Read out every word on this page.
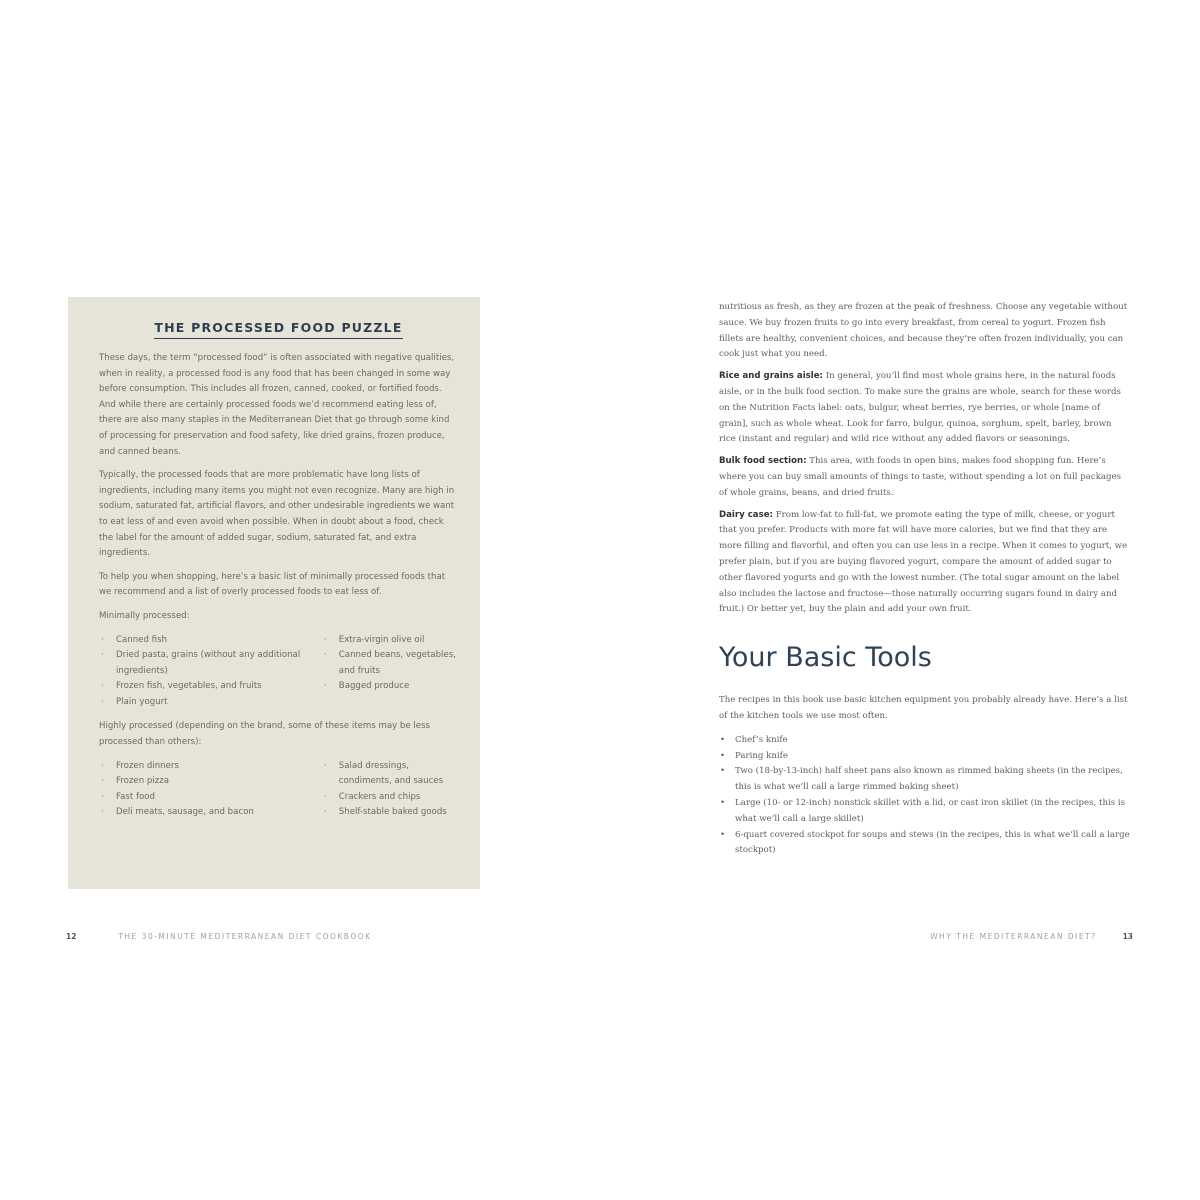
THE PROCESSED FOOD PUZZLE

These days, the term “processed food” is often associated with negative qualities, when in reality, a processed food is any food that has been changed in some way before consumption. This includes all frozen, canned, cooked, or fortified foods. And while there are certainly processed foods we’d recommend eating less of, there are also many staples in the Mediterranean Diet that go through some kind of processing for preservation and food safety, like dried grains, frozen produce, and canned beans.

Typically, the processed foods that are more problematic have long lists of ingredients, including many items you might not even recognize. Many are high in sodium, saturated fat, artificial flavors, and other undesirable ingredients we want to eat less of and even avoid when possible. When in doubt about a food, check the label for the amount of added sugar, sodium, saturated fat, and extra ingredients.

To help you when shopping, here’s a basic list of minimally processed foods that we recommend and a list of overly processed foods to eat less of.

Minimally processed:

· Canned fish
· Dried pasta, grains (without any additional ingredients)
· Frozen fish, vegetables, and fruits
· Plain yogurt
· Extra-virgin olive oil
· Canned beans, vegetables, and fruits
· Bagged produce

Highly processed (depending on the brand, some of these items may be less processed than others):

· Frozen dinners
· Frozen pizza
· Fast food
· Deli meats, sausage, and bacon
· Salad dressings, condiments, and sauces
· Crackers and chips
· Shelf-stable baked goods

nutritious as fresh, as they are frozen at the peak of freshness. Choose any vegetable without sauce. We buy frozen fruits to go into every breakfast, from cereal to yogurt. Frozen fish fillets are healthy, convenient choices, and because they’re often frozen individually, you can cook just what you need.

Rice and grains aisle: In general, you’ll find most whole grains here, in the natural foods aisle, or in the bulk food section. To make sure the grains are whole, search for these words on the Nutrition Facts label: oats, bulgur, wheat berries, rye berries, or whole [name of grain], such as whole wheat. Look for farro, bulgur, quinoa, sorghum, spelt, barley, brown rice (instant and regular) and wild rice without any added flavors or seasonings.

Bulk food section: This area, with foods in open bins, makes food shopping fun. Here’s where you can buy small amounts of things to taste, without spending a lot on full packages of whole grains, beans, and dried fruits.

Dairy case: From low-fat to full-fat, we promote eating the type of milk, cheese, or yogurt that you prefer. Products with more fat will have more calories, but we find that they are more filling and flavorful, and often you can use less in a recipe. When it comes to yogurt, we prefer plain, but if you are buying flavored yogurt, compare the amount of added sugar to other flavored yogurts and go with the lowest number. (The total sugar amount on the label also includes the lactose and fructose—those naturally occurring sugars found in dairy and fruit.) Or better yet, buy the plain and add your own fruit.

Your Basic Tools

The recipes in this book use basic kitchen equipment you probably already have. Here’s a list of the kitchen tools we use most often.

• Chef’s knife
• Paring knife
• Two (18-by-13-inch) half sheet pans also known as rimmed baking sheets (in the recipes, this is what we’ll call a large rimmed baking sheet)
• Large (10- or 12-inch) nonstick skillet with a lid, or cast iron skillet (in the recipes, this is what we’ll call a large skillet)
• 6-quart covered stockpot for soups and stews (in the recipes, this is what we’ll call a large stockpot)
12	THE 30-MINUTE MEDITERRANEAN DIET COOKBOOK	WHY THE MEDITERRANEAN DIET?	13
